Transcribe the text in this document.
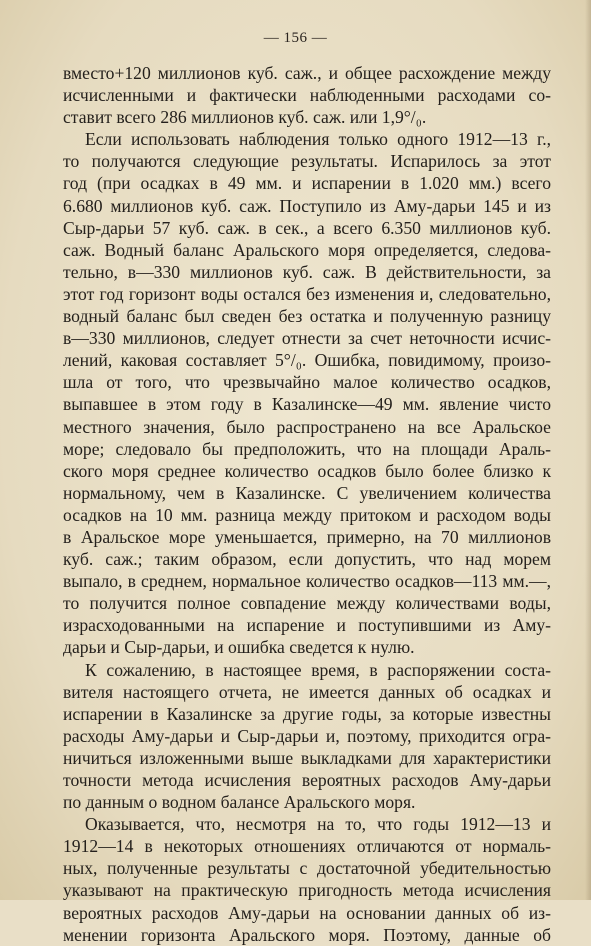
— 156 —
вместо+120 миллионов куб. саж., и общее расхождение между
исчисленными и фактически наблюденными расходами со-
ставит всего 286 миллионов куб. саж. или 1,9°/₀.
Если использовать наблюдения только одного 1912—13 г.,
то получаются следующие результаты. Испарилось за этот
год (при осадках в 49 мм. и испарении в 1.020 мм.) всего
6.680 миллионов куб. саж. Поступило из Аму-дарьи 145 и из
Сыр-дарьи 57 куб. саж. в сек., а всего 6.350 миллионов куб.
саж. Водный баланс Аральского моря определяется, следова-
тельно, в—330 миллионов куб. саж. В действительности, за
этот год горизонт воды остался без изменения и, следовательно,
водный баланс был сведен без остатка и полученную разницу
в—330 миллионов, следует отнести за счет неточности исчис-
лений, каковая составляет 5°/₀. Ошибка, повидимому, произо-
шла от того, что чрезвычайно малое количество осадков,
выпавшее в этом году в Казалинске—49 мм. явление чисто
местного значения, было распространено на все Аральское
море; следовало бы предположить, что на площади Араль-
ского моря среднее количество осадков было более близко к
нормальному, чем в Казалинске. С увеличением количества
осадков на 10 мм. разница между притоком и расходом воды
в Аральское море уменьшается, примерно, на 70 миллионов
куб. саж.; таким образом, если допустить, что над морем
выпало, в среднем, нормальное количество осадков—113 мм.—,
то получится полное совпадение между количествами воды,
израсходованными на испарение и поступившими из Аму-
дарьи и Сыр-дарьи, и ошибка сведется к нулю.
К сожалению, в настоящее время, в распоряжении соста-
вителя настоящего отчета, не имеется данных об осадках и
испарении в Казалинске за другие годы, за которые известны
расходы Аму-дарьи и Сыр-дарьи и, поэтому, приходится огра-
ничиться изложенными выше выкладками для характеристики
точности метода исчисления вероятных расходов Аму-дарьи
по данным о водном балансе Аральского моря.
Оказывается, что, несмотря на то, что годы 1912—13 и
1912—14 в некоторых отношениях отличаются от нормаль-
ных, полученные результаты с достаточной убедительностью
указывают на практическую пригодность метода исчисления
вероятных расходов Аму-дарьи на основании данных об из-
менении горизонта Аральского моря. Поэтому, данные об
